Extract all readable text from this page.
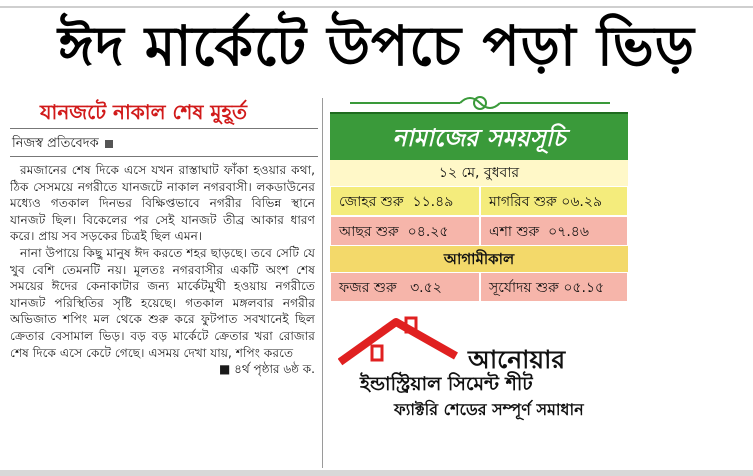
ঈদ মার্কেটে উপচে পড়া ভিড়
যানজটে নাকাল শেষ মুহূর্ত
নিজস্ব প্রতিবেদক

রমজানের শেষ দিকে এসে যখন রাস্তাঘাট ফাঁকা হওয়ার কথা, ঠিক সেসময়ে নগরীতে যানজটে নাকাল নগরবাসী। লকডাউনের মধ্যেও গতকাল দিনভর বিক্ষিপ্তভাবে নগরীর বিভিন্ন স্থানে যানজট ছিল। বিকেলের পর সেই যানজট তীব্র আকার ধারণ করে। প্রায় সব সড়কের চিত্রই ছিল এমন।

নানা উপায়ে কিছু মানুষ ঈদ করতে শহর ছাড়ছে। তবে সেটি যে খুব বেশি তেমনটি নয়। মূলতঃ নগরবাসীর একটি অংশ শেষ সময়ের ঈদের কেনাকাটার জন্য মার্কেটমুখী হওয়ায় নগরীতে যানজট পরিস্থিতির সৃষ্টি হয়েছে। গতকাল মঙ্গলবার নগরীর অভিজাত শপিং মল থেকে শুরু করে ফুটপাত সবখানেই ছিল ক্রেতার বেসামাল ভিড়। বড় বড় মার্কেটে ক্রেতার খরা রোজার শেষ দিকে এসে কেটে গেছে। এসময় দেখা যায়, শপিং করতে

■ ৪র্থ পৃষ্ঠার ৬ষ্ঠ ক.

নামাজের সময়সূচি
১২ মে, বুধবার
জোহর শুরু ১১.৪৯	মাগরিব শুরু ০৬.২৯
আছর শুরু ০৪.২৫	এশা শুরু ০৭.৪৬
আগামীকাল
ফজর শুরু ৩.৫২	সূর্যোদয় শুরু ০৫.১৫
আনোয়ার
ইন্ডাস্ট্রিয়াল সিমেন্ট শীট
ফ্যাক্টরি শেডের সম্পূর্ণ সমাধান
